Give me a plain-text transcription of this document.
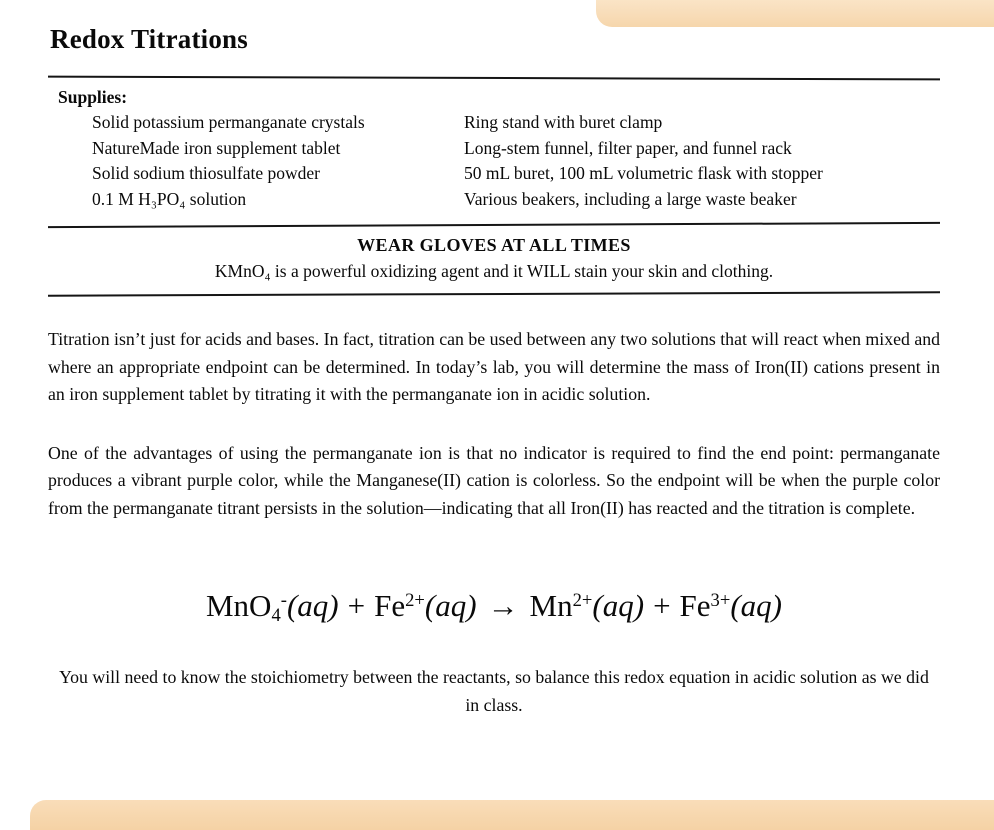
Redox Titrations
Supplies:
Solid potassium permanganate crystals
NatureMade iron supplement tablet
Solid sodium thiosulfate powder
0.1 M H₃PO₄ solution
Ring stand with buret clamp
Long-stem funnel, filter paper, and funnel rack
50 mL buret, 100 mL volumetric flask with stopper
Various beakers, including a large waste beaker
WEAR GLOVES AT ALL TIMES
KMnO₄ is a powerful oxidizing agent and it WILL stain your skin and clothing.

Titration isn’t just for acids and bases. In fact, titration can be used between any two solutions that will react when mixed and where an appropriate endpoint can be determined. In today’s lab, you will determine the mass of Iron(II) cations present in an iron supplement tablet by titrating it with the permanganate ion in acidic solution.

One of the advantages of using the permanganate ion is that no indicator is required to find the end point: permanganate produces a vibrant purple color, while the Manganese(II) cation is colorless. So the endpoint will be when the purple color from the permanganate titrant persists in the solution—indicating that all Iron(II) has reacted and the titration is complete.

$MnO_4^-(aq) + Fe^{2+}(aq) \to Mn^{2+}(aq) + Fe^{3+}(aq)$

You will need to know the stoichiometry between the reactants, so balance this redox equation in acidic solution as we did in class.
